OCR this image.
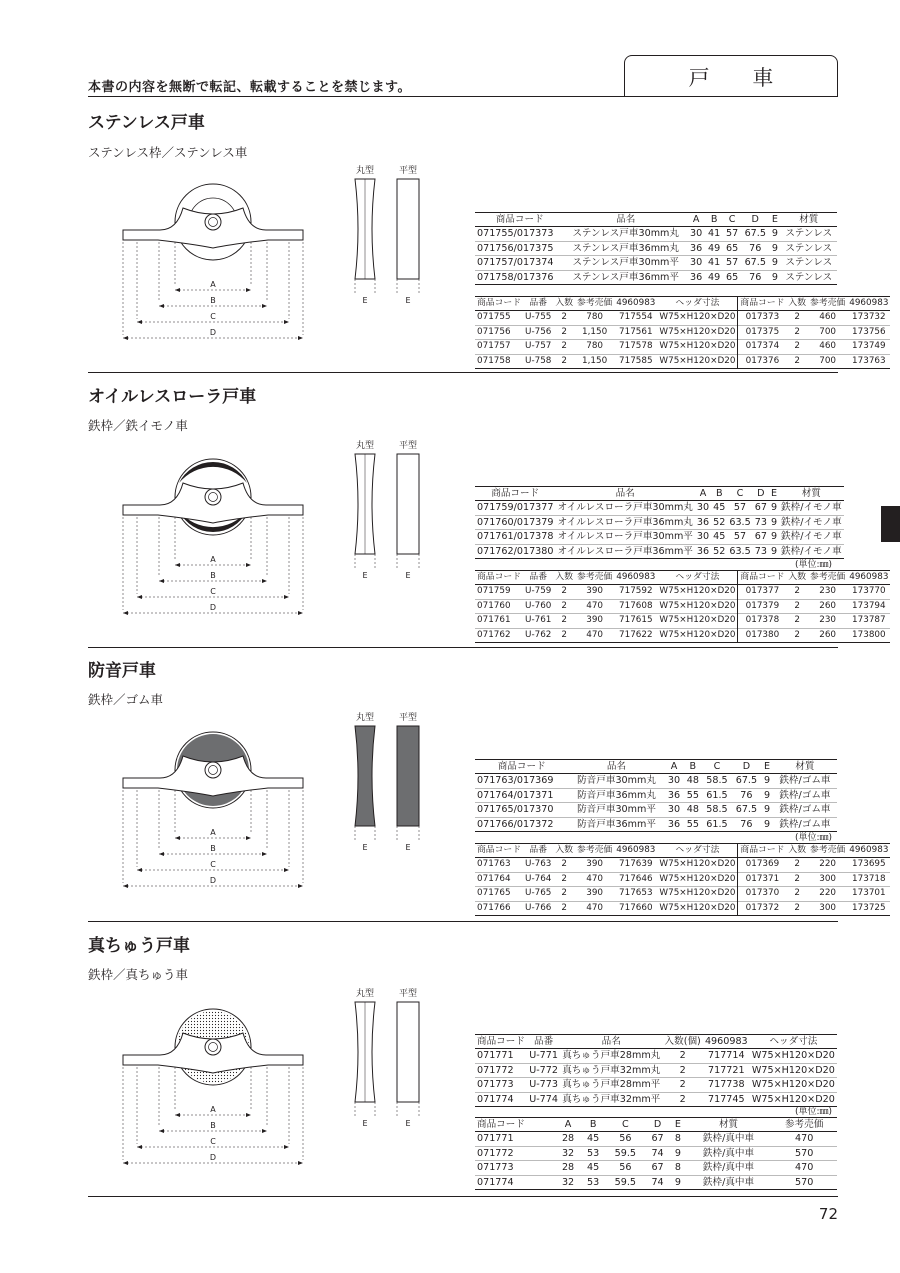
本書の内容を無断で転記、転載することを禁じます。	戸 車
ステンレス戸車
ステンレス枠／ステンレス車
A
B
C
D
丸型	平型
E	E
商品コード	品名	A	B	C	D	E	材質
071755/017373	ステンレス戸車30mm丸	30	41	57	67.5	9	ステンレス
071756/017375	ステンレス戸車36mm丸	36	49	65	76	9	ステンレス
071757/017374	ステンレス戸車30mm平	30	41	57	67.5	9	ステンレス
071758/017376	ステンレス戸車36mm平	36	49	65	76	9	ステンレス
商品コード	品番	入数	参考売価	4960983	ヘッダ寸法	商品コード	入数	参考売価	4960983
071755	U-755	2	780	717554	W75×H120×D20	017373	2	460	173732
071756	U-756	2	1,150	717561	W75×H120×D20	017375	2	700	173756
071757	U-757	2	780	717578	W75×H120×D20	017374	2	460	173749
071758	U-758	2	1,150	717585	W75×H120×D20	017376	2	700	173763
オイルレスローラ戸車
鉄枠／鉄イモノ車
A
B
C
D
丸型	平型
E	E
商品コード	品名	A	B	C	D	E	材質
071759/017377	オイルレスローラ戸車30mm丸	30	45	57	67	9	鉄枠/イモノ車
071760/017379	オイルレスローラ戸車36mm丸	36	52	63.5	73	9	鉄枠/イモノ車
071761/017378	オイルレスローラ戸車30mm平	30	45	57	67	9	鉄枠/イモノ車
071762/017380	オイルレスローラ戸車36mm平	36	52	63.5	73	9	鉄枠/イモノ車
(単位:㎜)
商品コード	品番	入数	参考売価	4960983	ヘッダ寸法	商品コード	入数	参考売価	4960983
071759	U-759	2	390	717592	W75×H120×D20	017377	2	230	173770
071760	U-760	2	470	717608	W75×H120×D20	017379	2	260	173794
071761	U-761	2	390	717615	W75×H120×D20	017378	2	230	173787
071762	U-762	2	470	717622	W75×H120×D20	017380	2	260	173800
防音戸車
鉄枠／ゴム車
A
B
C
D
丸型	平型
E	E
商品コード	品名	A	B	C	D	E	材質
071763/017369	防音戸車30mm丸	30	48	58.5	67.5	9	鉄枠/ゴム車
071764/017371	防音戸車36mm丸	36	55	61.5	76	9	鉄枠/ゴム車
071765/017370	防音戸車30mm平	30	48	58.5	67.5	9	鉄枠/ゴム車
071766/017372	防音戸車36mm平	36	55	61.5	76	9	鉄枠/ゴム車
(単位:㎜)
商品コード	品番	入数	参考売価	4960983	ヘッダ寸法	商品コード	入数	参考売価	4960983
071763	U-763	2	390	717639	W75×H120×D20	017369	2	220	173695
071764	U-764	2	470	717646	W75×H120×D20	017371	2	300	173718
071765	U-765	2	390	717653	W75×H120×D20	017370	2	220	173701
071766	U-766	2	470	717660	W75×H120×D20	017372	2	300	173725
真ちゅう戸車
鉄枠／真ちゅう車
A
B
C
D
丸型	平型
E	E
商品コード	品番	品名	入数(個)	4960983	ヘッダ寸法
071771	U-771	真ちゅう戸車28mm丸	2	717714	W75×H120×D20
071772	U-772	真ちゅう戸車32mm丸	2	717721	W75×H120×D20
071773	U-773	真ちゅう戸車28mm平	2	717738	W75×H120×D20
071774	U-774	真ちゅう戸車32mm平	2	717745	W75×H120×D20
(単位:㎜)
商品コード	A	B	C	D	E	材質	参考売価
071771	28	45	56	67	8	鉄枠/真中車	470
071772	32	53	59.5	74	9	鉄枠/真中車	570
071773	28	45	56	67	8	鉄枠/真中車	470
071774	32	53	59.5	74	9	鉄枠/真中車	570
72
